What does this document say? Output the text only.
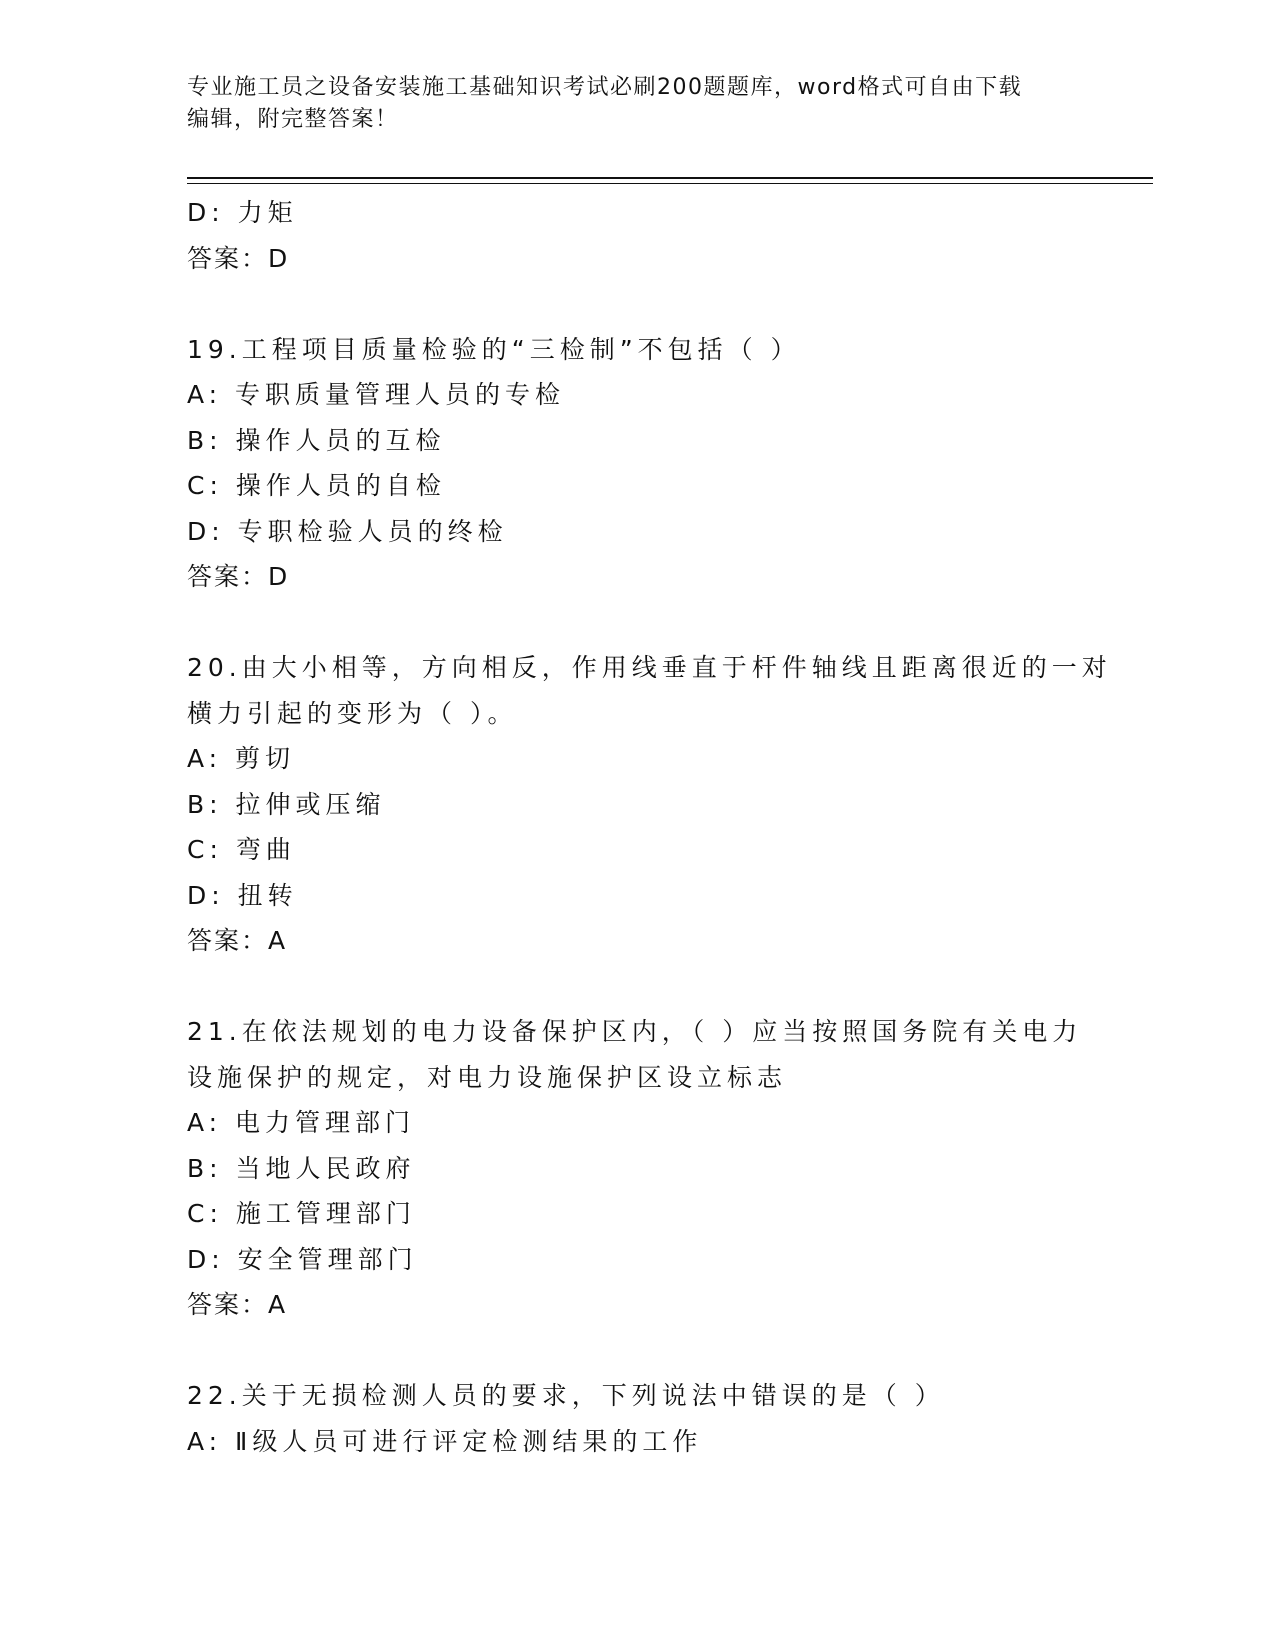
专业施工员之设备安装施工基础知识考试必刷200题题库，word格式可自由下载
编辑，附完整答案！
D: 力矩
答案：D
19.工程项目质量检验的“三检制”不包括（ ）
A: 专职质量管理人员的专检
B: 操作人员的互检
C: 操作人员的自检
D: 专职检验人员的终检
答案：D
20.由大小相等，方向相反，作用线垂直于杆件轴线且距离很近的一对
横力引起的变形为（ ）。
A: 剪切
B: 拉伸或压缩
C: 弯曲
D: 扭转
答案：A
21.在依法规划的电力设备保护区内，（ ）应当按照国务院有关电力
设施保护的规定，对电力设施保护区设立标志
A: 电力管理部门
B: 当地人民政府
C: 施工管理部门
D: 安全管理部门
答案：A
22.关于无损检测人员的要求，下列说法中错误的是（ ）
A: Ⅱ级人员可进行评定检测结果的工作
